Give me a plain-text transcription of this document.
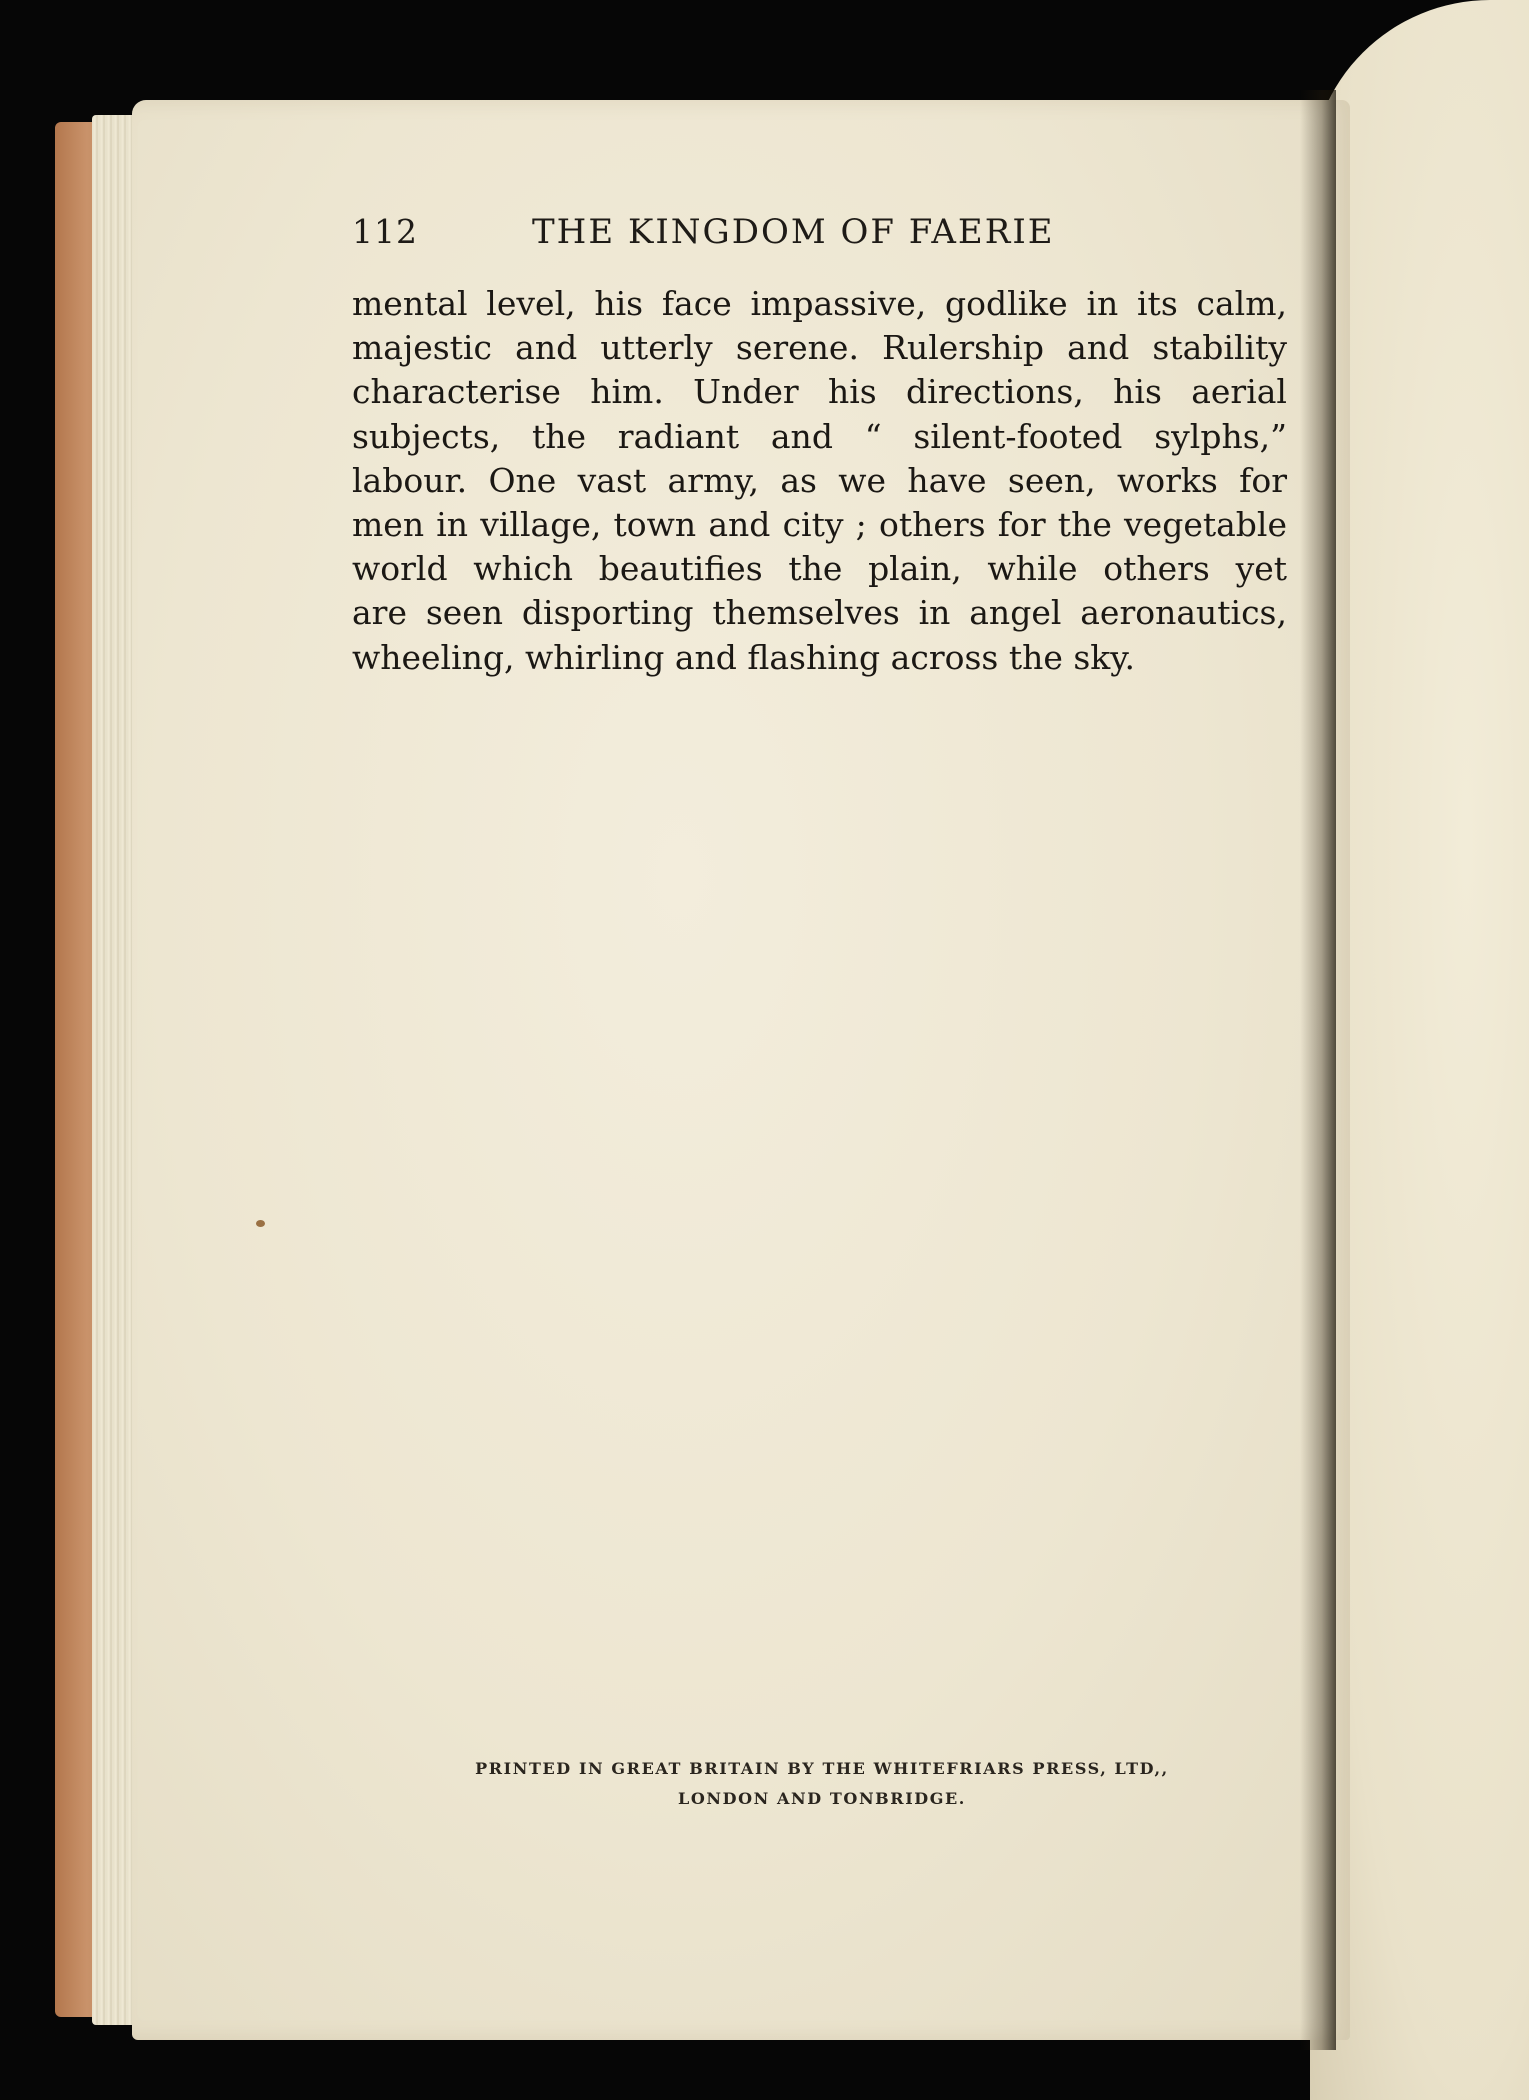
112	THE KINGDOM OF FAERIE
mental level, his face impassive, godlike in its calm,
majestic and utterly serene. Rulership and stability
characterise him. Under his directions, his aerial
subjects, the radiant and “ silent-footed sylphs,”
labour. One vast army, as we have seen, works for
men in village, town and city ; others for the vegetable
world which beautifies the plain, while others yet
are seen disporting themselves in angel aeronautics,
wheeling, whirling and flashing across the sky.
PRINTED IN GREAT BRITAIN BY THE WHITEFRIARS PRESS, LTD,,
LONDON AND TONBRIDGE.
